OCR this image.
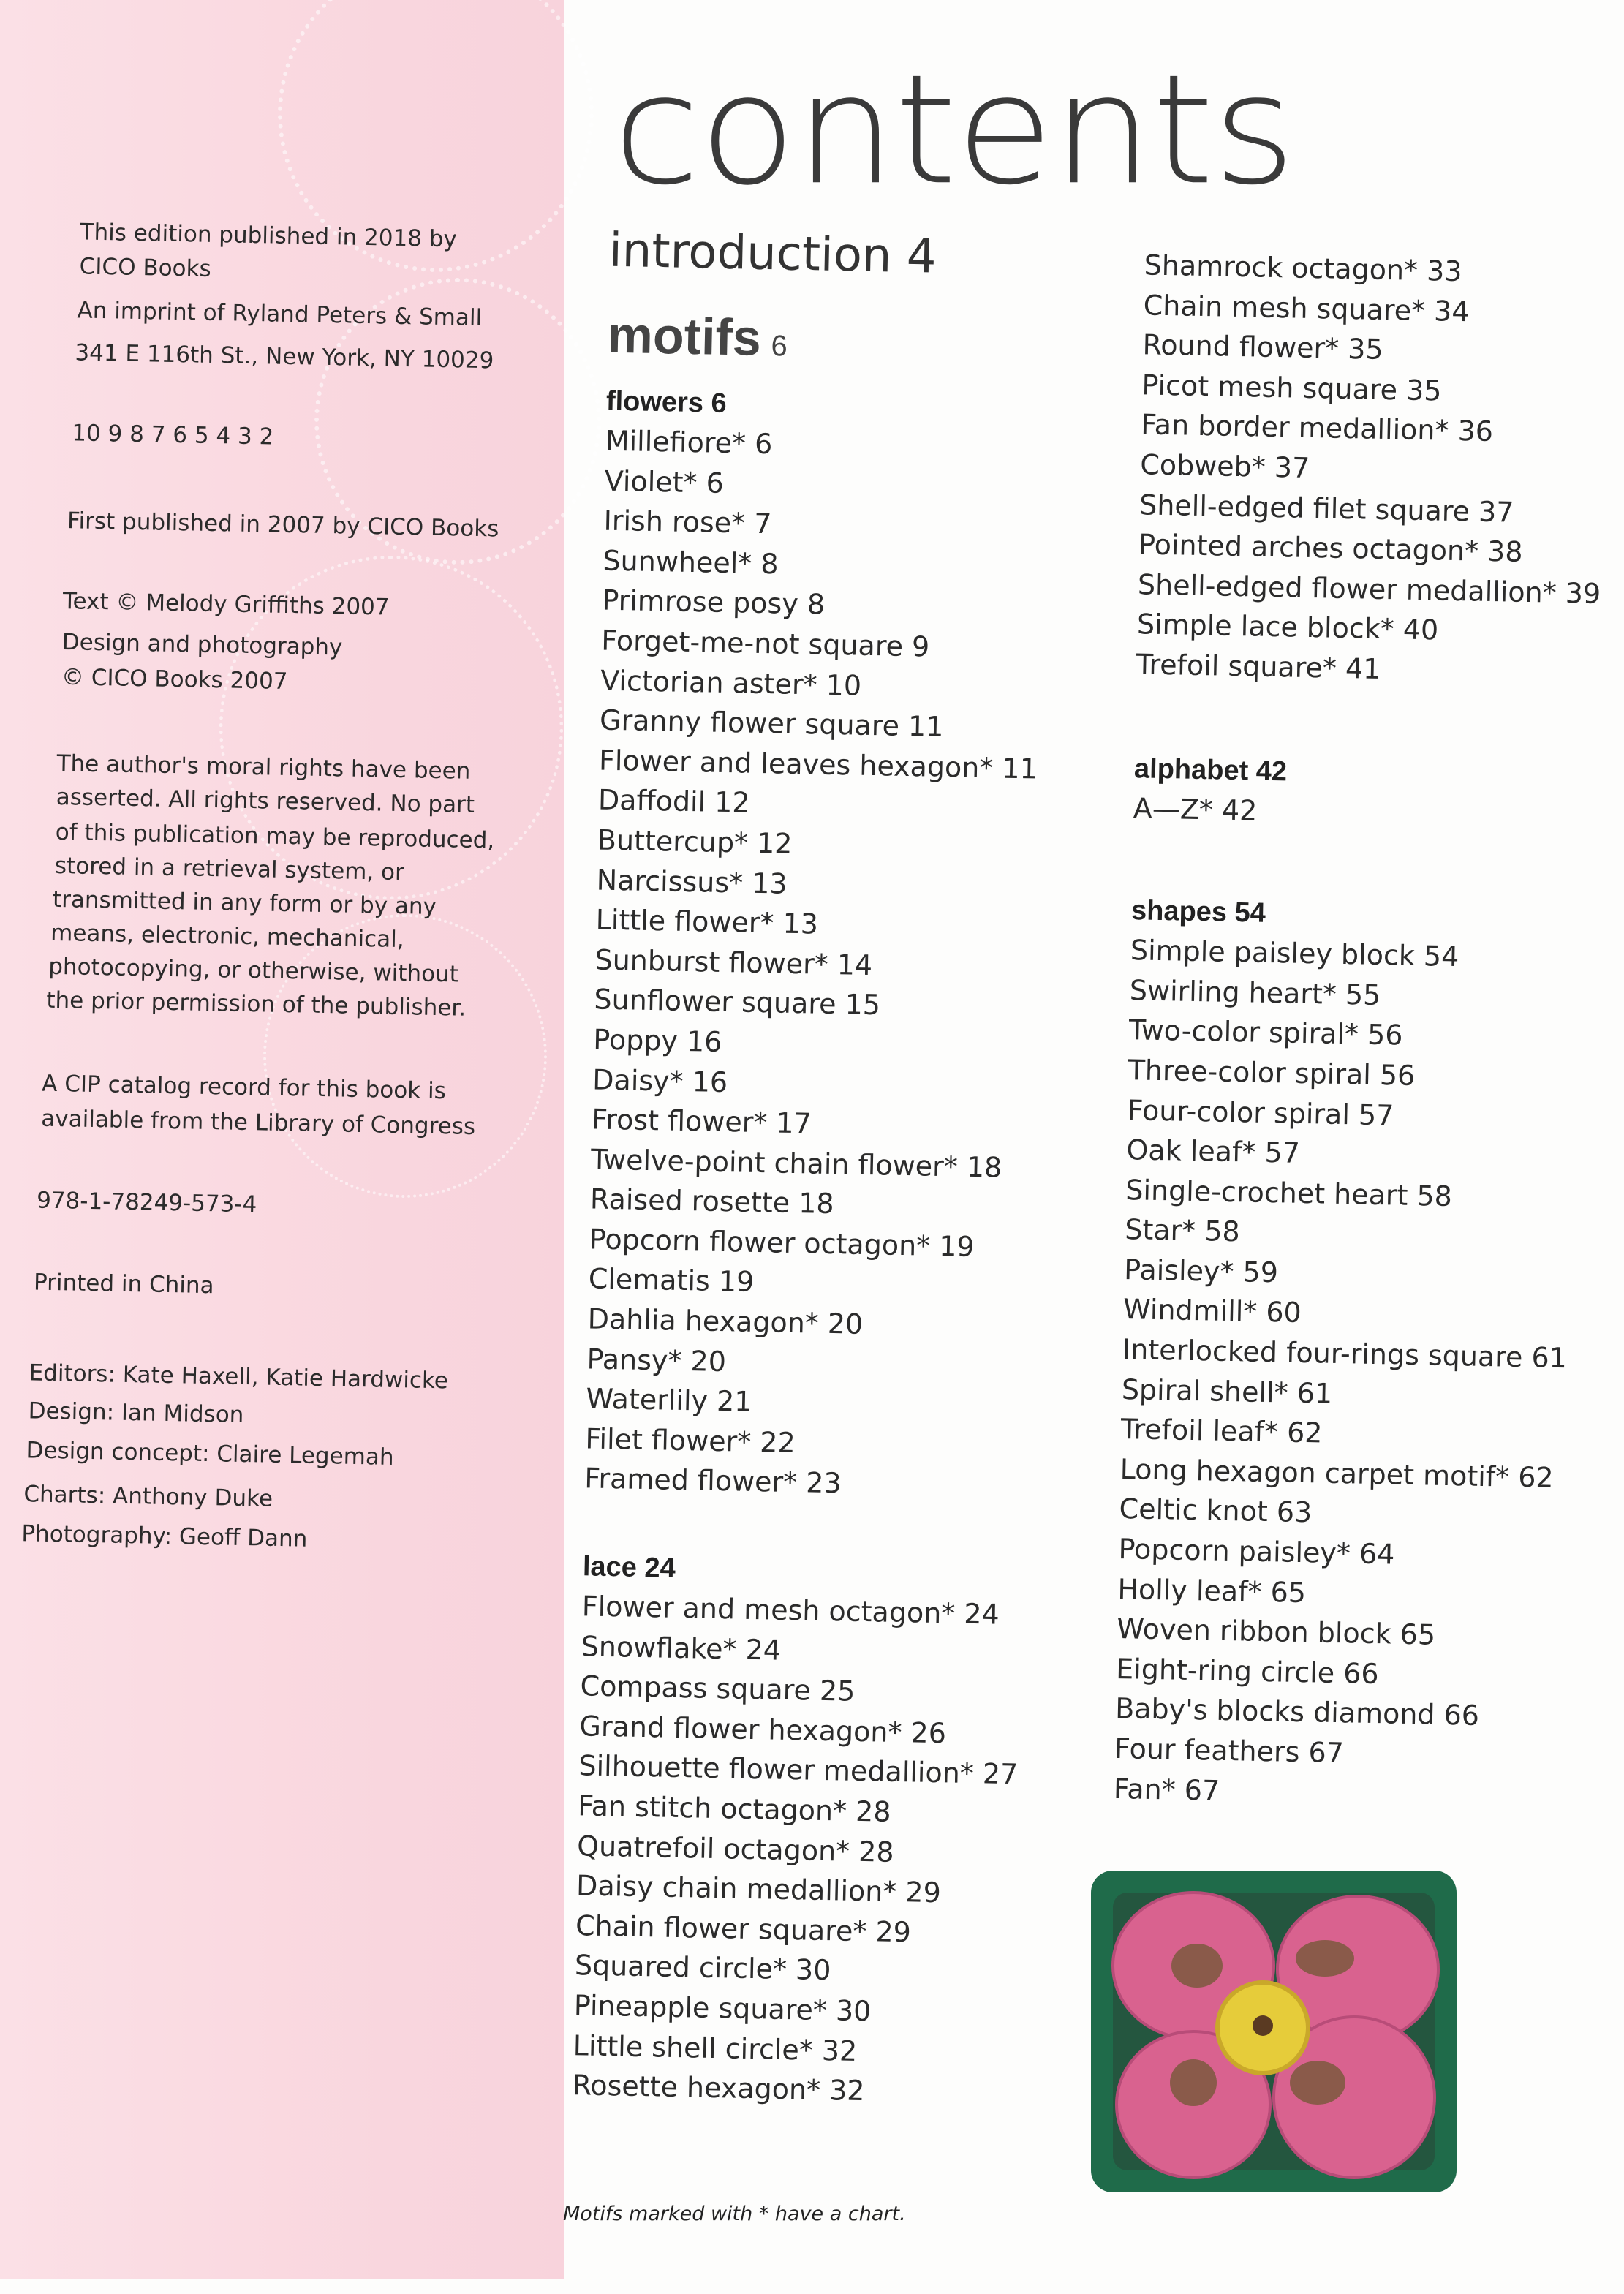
This edition published in 2018 by
CICO Books
An imprint of Ryland Peters & Small
341 E 116th St., New York, NY 10029
10 9 8 7 6 5 4 3 2
First published in 2007 by CICO Books
Text © Melody Griffiths 2007
Design and photography
© CICO Books 2007
The author's moral rights have been
asserted. All rights reserved. No part
of this publication may be reproduced,
stored in a retrieval system, or
transmitted in any form or by any
means, electronic, mechanical,
photocopying, or otherwise, without
the prior permission of the publisher.
A CIP catalog record for this book is
available from the Library of Congress
978-1-78249-573-4
Printed in China
Editors: Kate Haxell, Katie Hardwicke
Design: Ian Midson
Design concept: Claire Legemah
Charts: Anthony Duke
Photography: Geoff Dann
contents
introduction 4
motifs 6
flowers 6
Millefiore* 6
Violet* 6
Irish rose* 7
Sunwheel* 8
Primrose posy 8
Forget-me-not square 9
Victorian aster* 10
Granny flower square 11
Flower and leaves hexagon* 11
Daffodil 12
Buttercup* 12
Narcissus* 13
Little flower* 13
Sunburst flower* 14
Sunflower square 15
Poppy 16
Daisy* 16
Frost flower* 17
Twelve-point chain flower* 18
Raised rosette 18
Popcorn flower octagon* 19
Clematis 19
Dahlia hexagon* 20
Pansy* 20
Waterlily 21
Filet flower* 22
Framed flower* 23
lace 24
Flower and mesh octagon* 24
Snowflake* 24
Compass square 25
Grand flower hexagon* 26
Silhouette flower medallion* 27
Fan stitch octagon* 28
Quatrefoil octagon* 28
Daisy chain medallion* 29
Chain flower square* 29
Squared circle* 30
Pineapple square* 30
Little shell circle* 32
Rosette hexagon* 32
Shamrock octagon* 33
Chain mesh square* 34
Round flower* 35
Picot mesh square 35
Fan border medallion* 36
Cobweb* 37
Shell-edged filet square 37
Pointed arches octagon* 38
Shell-edged flower medallion* 39
Simple lace block* 40
Trefoil square* 41
alphabet 42
A—Z* 42
shapes 54
Simple paisley block 54
Swirling heart* 55
Two-color spiral* 56
Three-color spiral 56
Four-color spiral 57
Oak leaf* 57
Single-crochet heart 58
Star* 58
Paisley* 59
Windmill* 60
Interlocked four-rings square 61
Spiral shell* 61
Trefoil leaf* 62
Long hexagon carpet motif* 62
Celtic knot 63
Popcorn paisley* 64
Holly leaf* 65
Woven ribbon block 65
Eight-ring circle 66
Baby's blocks diamond 66
Four feathers 67
Fan* 67
Motifs marked with * have a chart.
